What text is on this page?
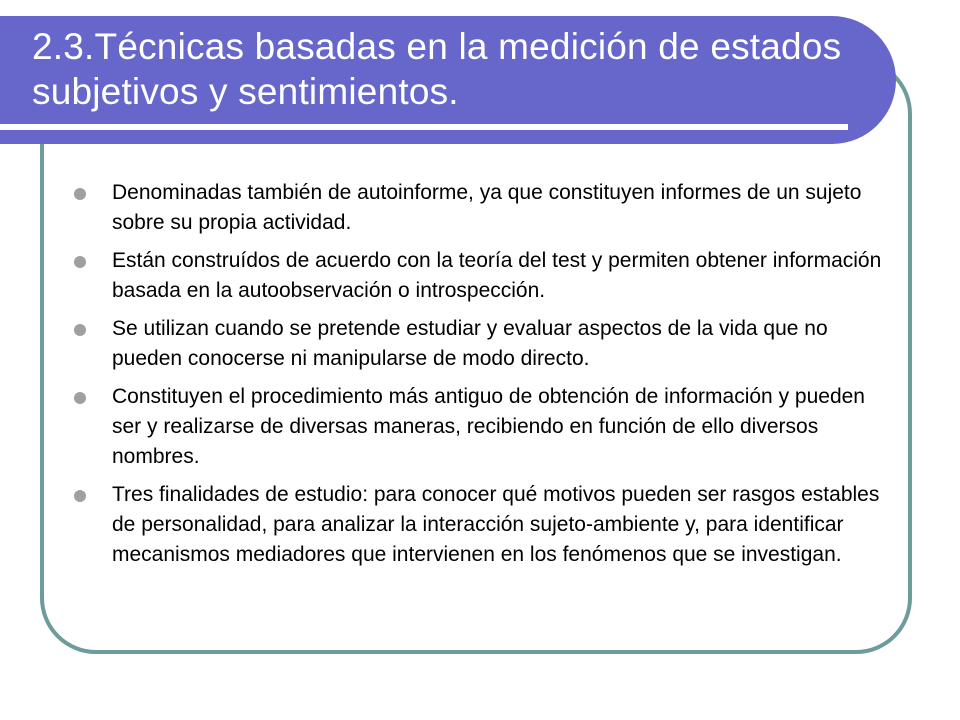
2.3.Técnicas basadas en la medición de estados subjetivos y sentimientos.
Denominadas también de autoinforme, ya que constituyen informes de un sujeto sobre su propia actividad.
Están construídos de acuerdo con la teoría del test y permiten obtener información basada en la autoobservación o introspección.
Se utilizan cuando se pretende estudiar y evaluar aspectos de la vida que no pueden conocerse ni manipularse de modo directo.
Constituyen el procedimiento más antiguo de obtención de información y pueden ser y realizarse de diversas maneras, recibiendo en función de ello diversos nombres.
Tres finalidades de estudio: para conocer qué motivos pueden ser rasgos estables de personalidad, para analizar la interacción sujeto-ambiente y, para identificar mecanismos mediadores que intervienen en los fenómenos que se investigan.
